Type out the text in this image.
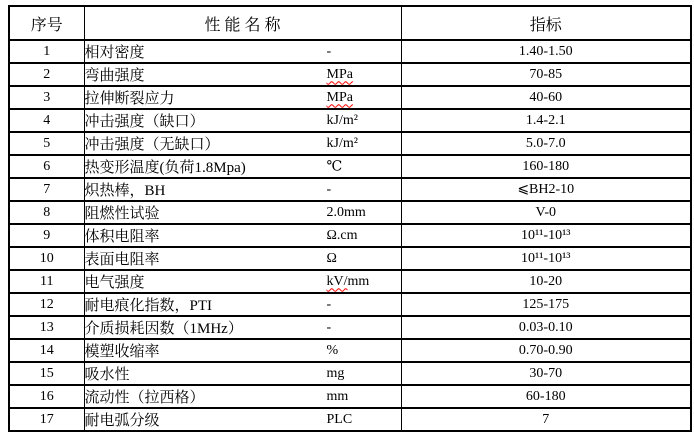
序号	性 能 名 称	指标
1	相对密度 -	1.40-1.50
2	弯曲强度 MPa	70-85
3	拉伸断裂应力 MPa	40-60
4	冲击强度（缺口） kJ/m²	1.4-2.1
5	冲击强度（无缺口） kJ/m²	5.0-7.0
6	热变形温度(负荷1.8Mpa) ℃	160-180
7	炽热棒，BH -	⩽BH2-10
8	阻燃性试验 2.0mm	V-0
9	体积电阻率 Ω.cm	10¹¹-10¹³
10	表面电阻率 Ω	10¹¹-10¹³
11	电气强度 kV/mm	10-20
12	耐电痕化指数，PTI -	125-175
13	介质损耗因数（1MHz） -	0.03-0.10
14	模塑收缩率 %	0.70-0.90
15	吸水性 mg	30-70
16	流动性（拉西格） mm	60-180
17	耐电弧分级 PLC	7
